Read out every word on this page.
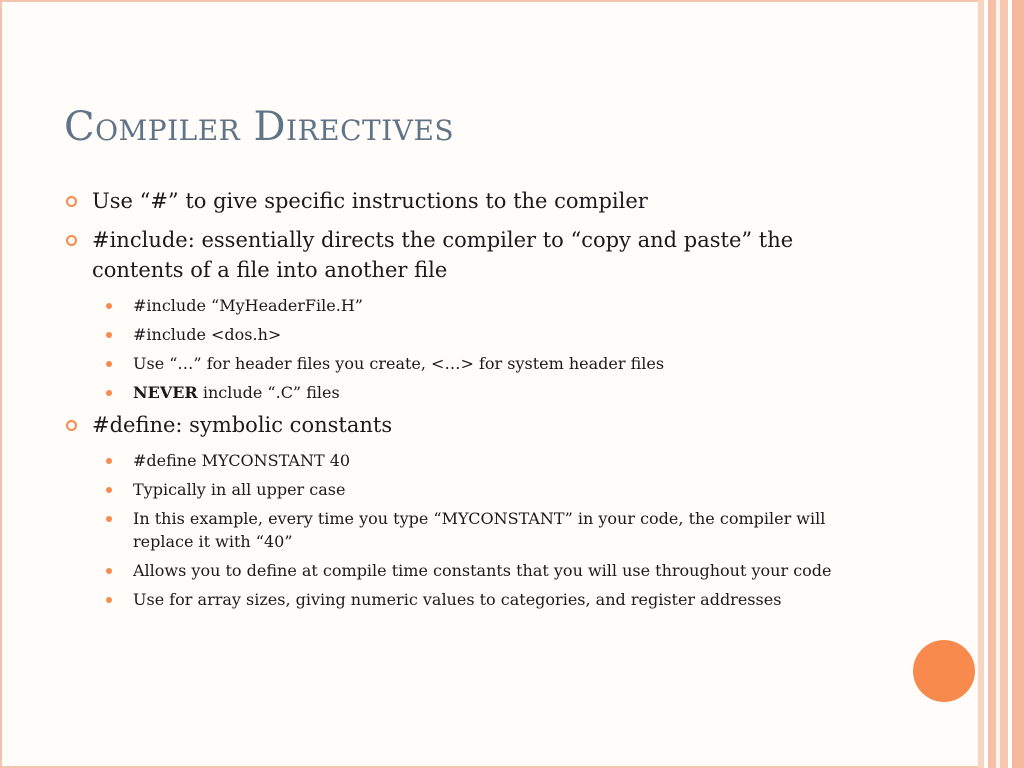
Compiler Directives
Use “#” to give specific instructions to the compiler
#include: essentially directs the compiler to “copy and paste” the contents of a file into another file
#include “MyHeaderFile.H”
#include <dos.h>
Use “…” for header files you create, <…> for system header files
NEVER include “.C” files
#define: symbolic constants
#define MYCONSTANT 40
Typically in all upper case
In this example, every time you type “MYCONSTANT” in your code, the compiler will replace it with “40”
Allows you to define at compile time constants that you will use throughout your code
Use for array sizes, giving numeric values to categories, and register addresses
